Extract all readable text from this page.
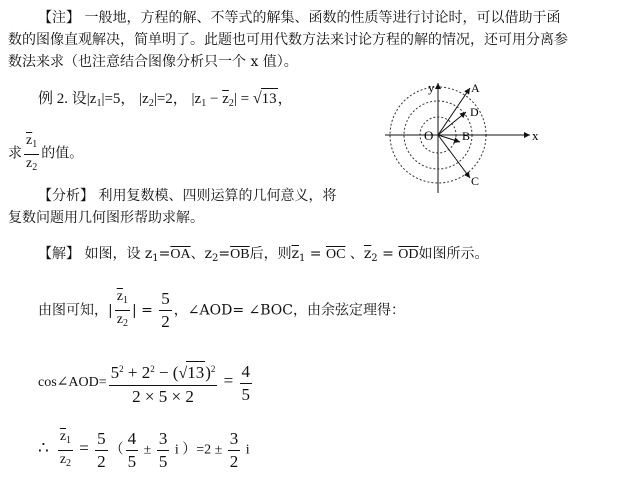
【注】 一般地，方程的解、不等式的解集、函数的性质等进行讨论时，可以借助于函
数的图像直观解决，简单明了。此题也可用代数方法来讨论方程的解的情况，还可用分离参
数法来求（也注意结合图像分析只一个 x 值）。
例 2. 设$|z_1|=5$， $|z_2|=2$， $|z_1 - \overline{z}_2| = √13$，
求 $\frac{\overline{z}_1}{z_2}$ 的值。
y
x
O
A
D
B
C
【分析】 利用复数模、四则运算的几何意义，将
复数问题用几何图形帮助求解。
【解】 如图，设 $z_1=\overline{OA}$、$z_2=\overline{OB}$后，则$\overline{z}_1 = \overline{OC}$ 、$\overline{z}_2 = \overline{OD}$如图所示。
由图可知，| $\frac{\overline{z}_1}{z_2}$ | = $\frac{5}{2}$ ，∠AOD= ∠BOC，由余弦定理得：
cos∠AOD= $\frac{5^2 + 2^2 - (√13)^2}{2 \times 5 \times 2} = \frac{4}{5}$
∴ $\frac{\overline{z}_1}{z_2} = \frac{5}{2}$ （ $\frac{4}{5} \pm \frac{3}{5}$ i ）$=2 \pm \frac{3}{2}$ i
